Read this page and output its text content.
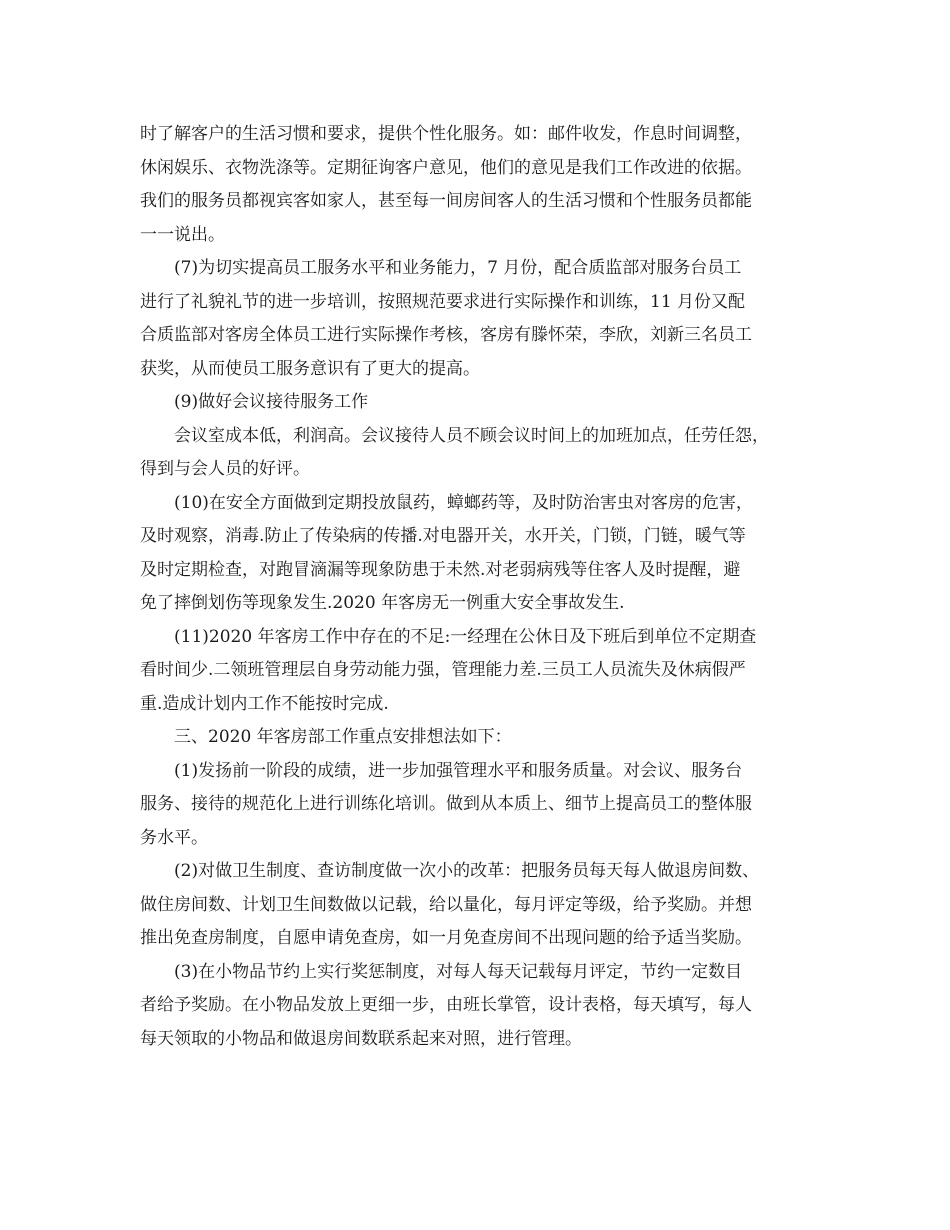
时了解客户的生活习惯和要求，提供个性化服务。如：邮件收发，作息时间调整，

休闲娱乐、衣物洗涤等。定期征询客户意见，他们的意见是我们工作改进的依据。

我们的服务员都视宾客如家人，甚至每一间房间客人的生活习惯和个性服务员都能

一一说出。

(7)为切实提高员工服务水平和业务能力，7 月份，配合质监部对服务台员工

进行了礼貌礼节的进一步培训，按照规范要求进行实际操作和训练，11 月份又配

合质监部对客房全体员工进行实际操作考核，客房有滕怀荣，李欣，刘新三名员工

获奖，从而使员工服务意识有了更大的提高。

(9)做好会议接待服务工作

会议室成本低，利润高。会议接待人员不顾会议时间上的加班加点，任劳任怨，

得到与会人员的好评。

(10)在安全方面做到定期投放鼠药，蟑螂药等，及时防治害虫对客房的危害，

及时观察，消毒.防止了传染病的传播.对电器开关，水开关，门锁，门链，暖气等

及时定期检查，对跑冒滴漏等现象防患于未然.对老弱病残等住客人及时提醒，避

免了摔倒划伤等现象发生.2020 年客房无一例重大安全事故发生.

(11)2020 年客房工作中存在的不足:一经理在公休日及下班后到单位不定期查

看时间少.二领班管理层自身劳动能力强，管理能力差.三员工人员流失及休病假严

重.造成计划内工作不能按时完成.

三、2020 年客房部工作重点安排想法如下：

(1)发扬前一阶段的成绩，进一步加强管理水平和服务质量。对会议、服务台

服务、接待的规范化上进行训练化培训。做到从本质上、细节上提高员工的整体服

务水平。

(2)对做卫生制度、查访制度做一次小的改革：把服务员每天每人做退房间数、

做住房间数、计划卫生间数做以记载，给以量化，每月评定等级，给予奖励。并想

推出免查房制度，自愿申请免查房，如一月免查房间不出现问题的给予适当奖励。

(3)在小物品节约上实行奖惩制度，对每人每天记载每月评定，节约一定数目

者给予奖励。在小物品发放上更细一步，由班长掌管，设计表格，每天填写，每人

每天领取的小物品和做退房间数联系起来对照，进行管理。
